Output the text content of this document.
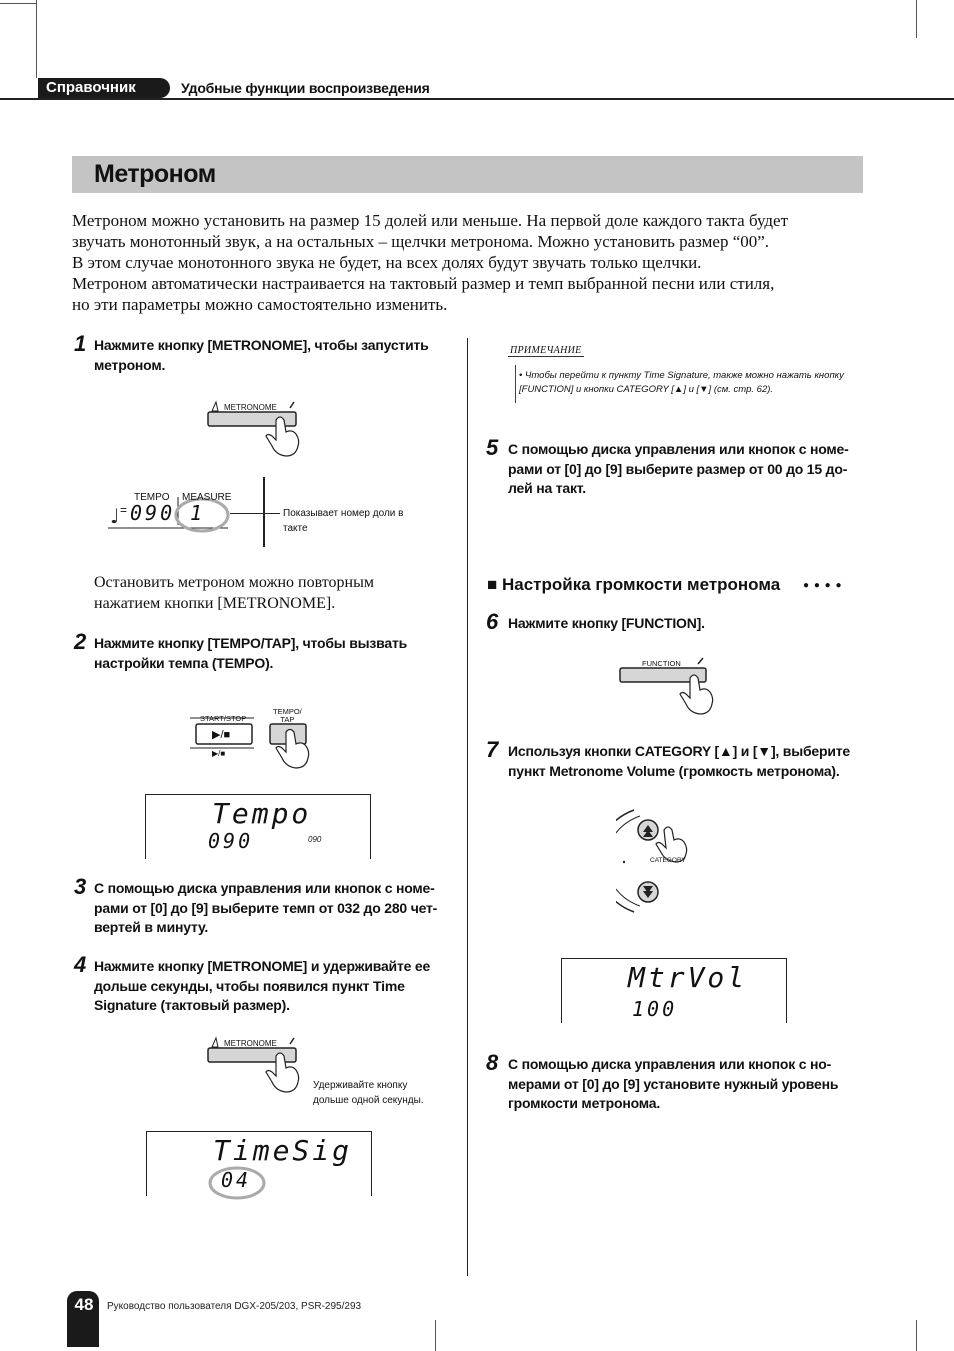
Справочник	Удобные функции воспроизведения
Метроном

Метроном можно установить на размер 15 долей или меньше. На первой доле каждого такта будет

звучать монотонный звук, а на остальных – щелчки метронома. Можно установить размер “00”.

В этом случае монотонного звука не будет, на всех долях будут звучать только щелчки.

Метроном автоматически настраивается на тактовый размер и темп выбранной песни или стиля,

но эти параметры можно самостоятельно изменить.

1 Нажмите кнопку [METRONOME], чтобы запустить
метроном.
METRONOME
♩
TEMPO MEASURE
= 090 1	Показывает номер доли в
такте
Остановить метроном можно повторным
нажатием кнопки [METRONOME].
2 Нажмите кнопку [TEMPO/TAP], чтобы вызвать
настройки темпа (TEMPO).
START/STOP
▶/■
▶/■
TEMPO/
TAP
Tempo
090	090
3 С помощью диска управления или кнопок с номе-
рами от [0] до [9] выберите темп от 032 до 280 чет-
вертей в минуту.
4 Нажмите кнопку [METRONOME] и удерживайте ее
дольше секунды, чтобы появился пункт Time
Signature (тактовый размер).
METRONOME
Удерживайте кнопку
дольше одной секунды.
TimeSig
04
ПРИМЕЧАНИЕ
• Чтобы перейти к пункту Time Signature, также можно нажать кнопку
[FUNCTION] и кнопки CATEGORY [▲] и [▼] (см. стр. 62).
5 С помощью диска управления или кнопок с номе-
рами от [0] до [9] выберите размер от 00 до 15 до-
лей на такт.
■ Настройка громкости метронома ● ● ● ●
6 Нажмите кнопку [FUNCTION].
FUNCTION
7 Используя кнопки CATEGORY [▲] и [▼], выберите
пункт Metronome Volume (громкость метронома).
CATEGORY
MtrVol
100
8 С помощью диска управления или кнопок с но-
мерами от [0] до [9] установите нужный уровень
громкости метронома.
48	Руководство пользователя DGX-205/203, PSR-295/293
